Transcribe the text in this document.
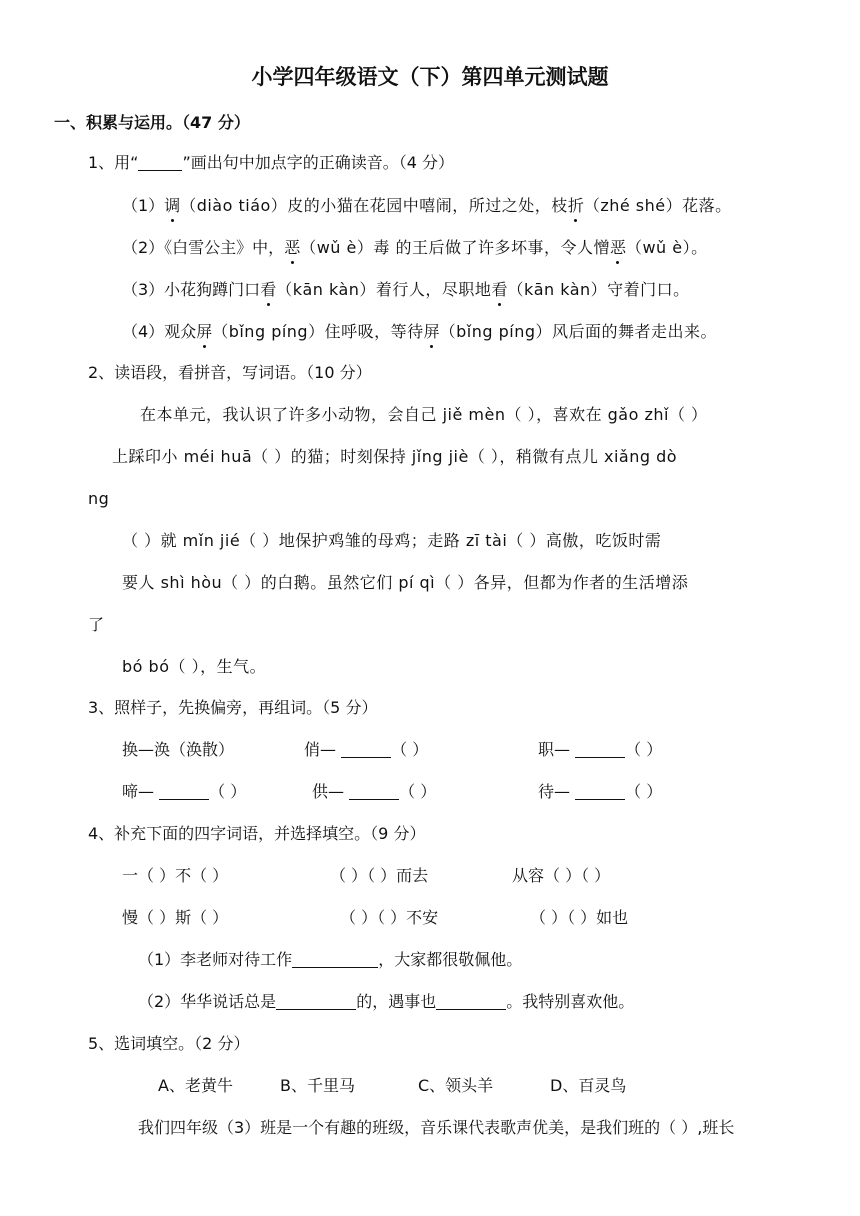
小学四年级语文（下）第四单元测试题
一、积累与运用。（47 分）
1、用“	”画出句中加点字的正确读音。（4 分）
（1）调（diào tiáo）皮的小猫在花园中嘻闹，所过之处，枝折（zhé shé）花落。
（2）《白雪公主》中，恶（wǔ è）毒 的王后做了许多坏事，令人憎恶（wǔ è）。
（3）小花狗蹲门口看（kān kàn）着行人，尽职地看（kān kàn）守着门口。
（4）观众屏（bǐng píng）住呼吸，等待屏（bǐng píng）风后面的舞者走出来。
2、读语段，看拼音，写词语。（10 分）
在本单元，我认识了许多小动物，会自己 jiě mèn（ ），喜欢在 gǎo zhǐ（ ）
上踩印小 méi huā（ ）的猫；时刻保持 jǐng jiè（ ），稍微有点儿 xiǎng dò
ng
（ ）就 mǐn jié（ ）地保护鸡雏的母鸡；走路 zī tài（ ）高傲，吃饭时需
要人 shì hòu（ ）的白鹅。虽然它们 pí qì（ ）各异，但都为作者的生活增添
了
bó bó（ ），生气。
3、照样子，先换偏旁，再组词。（5 分）
换—涣（涣散）	俏—	（ ）	职—	（ ）
啼—	（ ）	供—	（ ）	待—	（ ）
4、补充下面的四字词语，并选择填空。（9 分）
一（ ）不（ ）	（ ）（ ）而去	从容（ ）（ ）
慢（ ）斯（ ）	（ ）（ ）不安	（ ）（ ）如也
（1）李老师对待工作	，大家都很敬佩他。
（2）华华说话总是	的，遇事也	。我特别喜欢他。
5、选词填空。（2 分）
A、老黄牛	B、千里马	C、领头羊	D、百灵鸟
我们四年级（3）班是一个有趣的班级，音乐课代表歌声优美，是我们班的（ ）,班长
